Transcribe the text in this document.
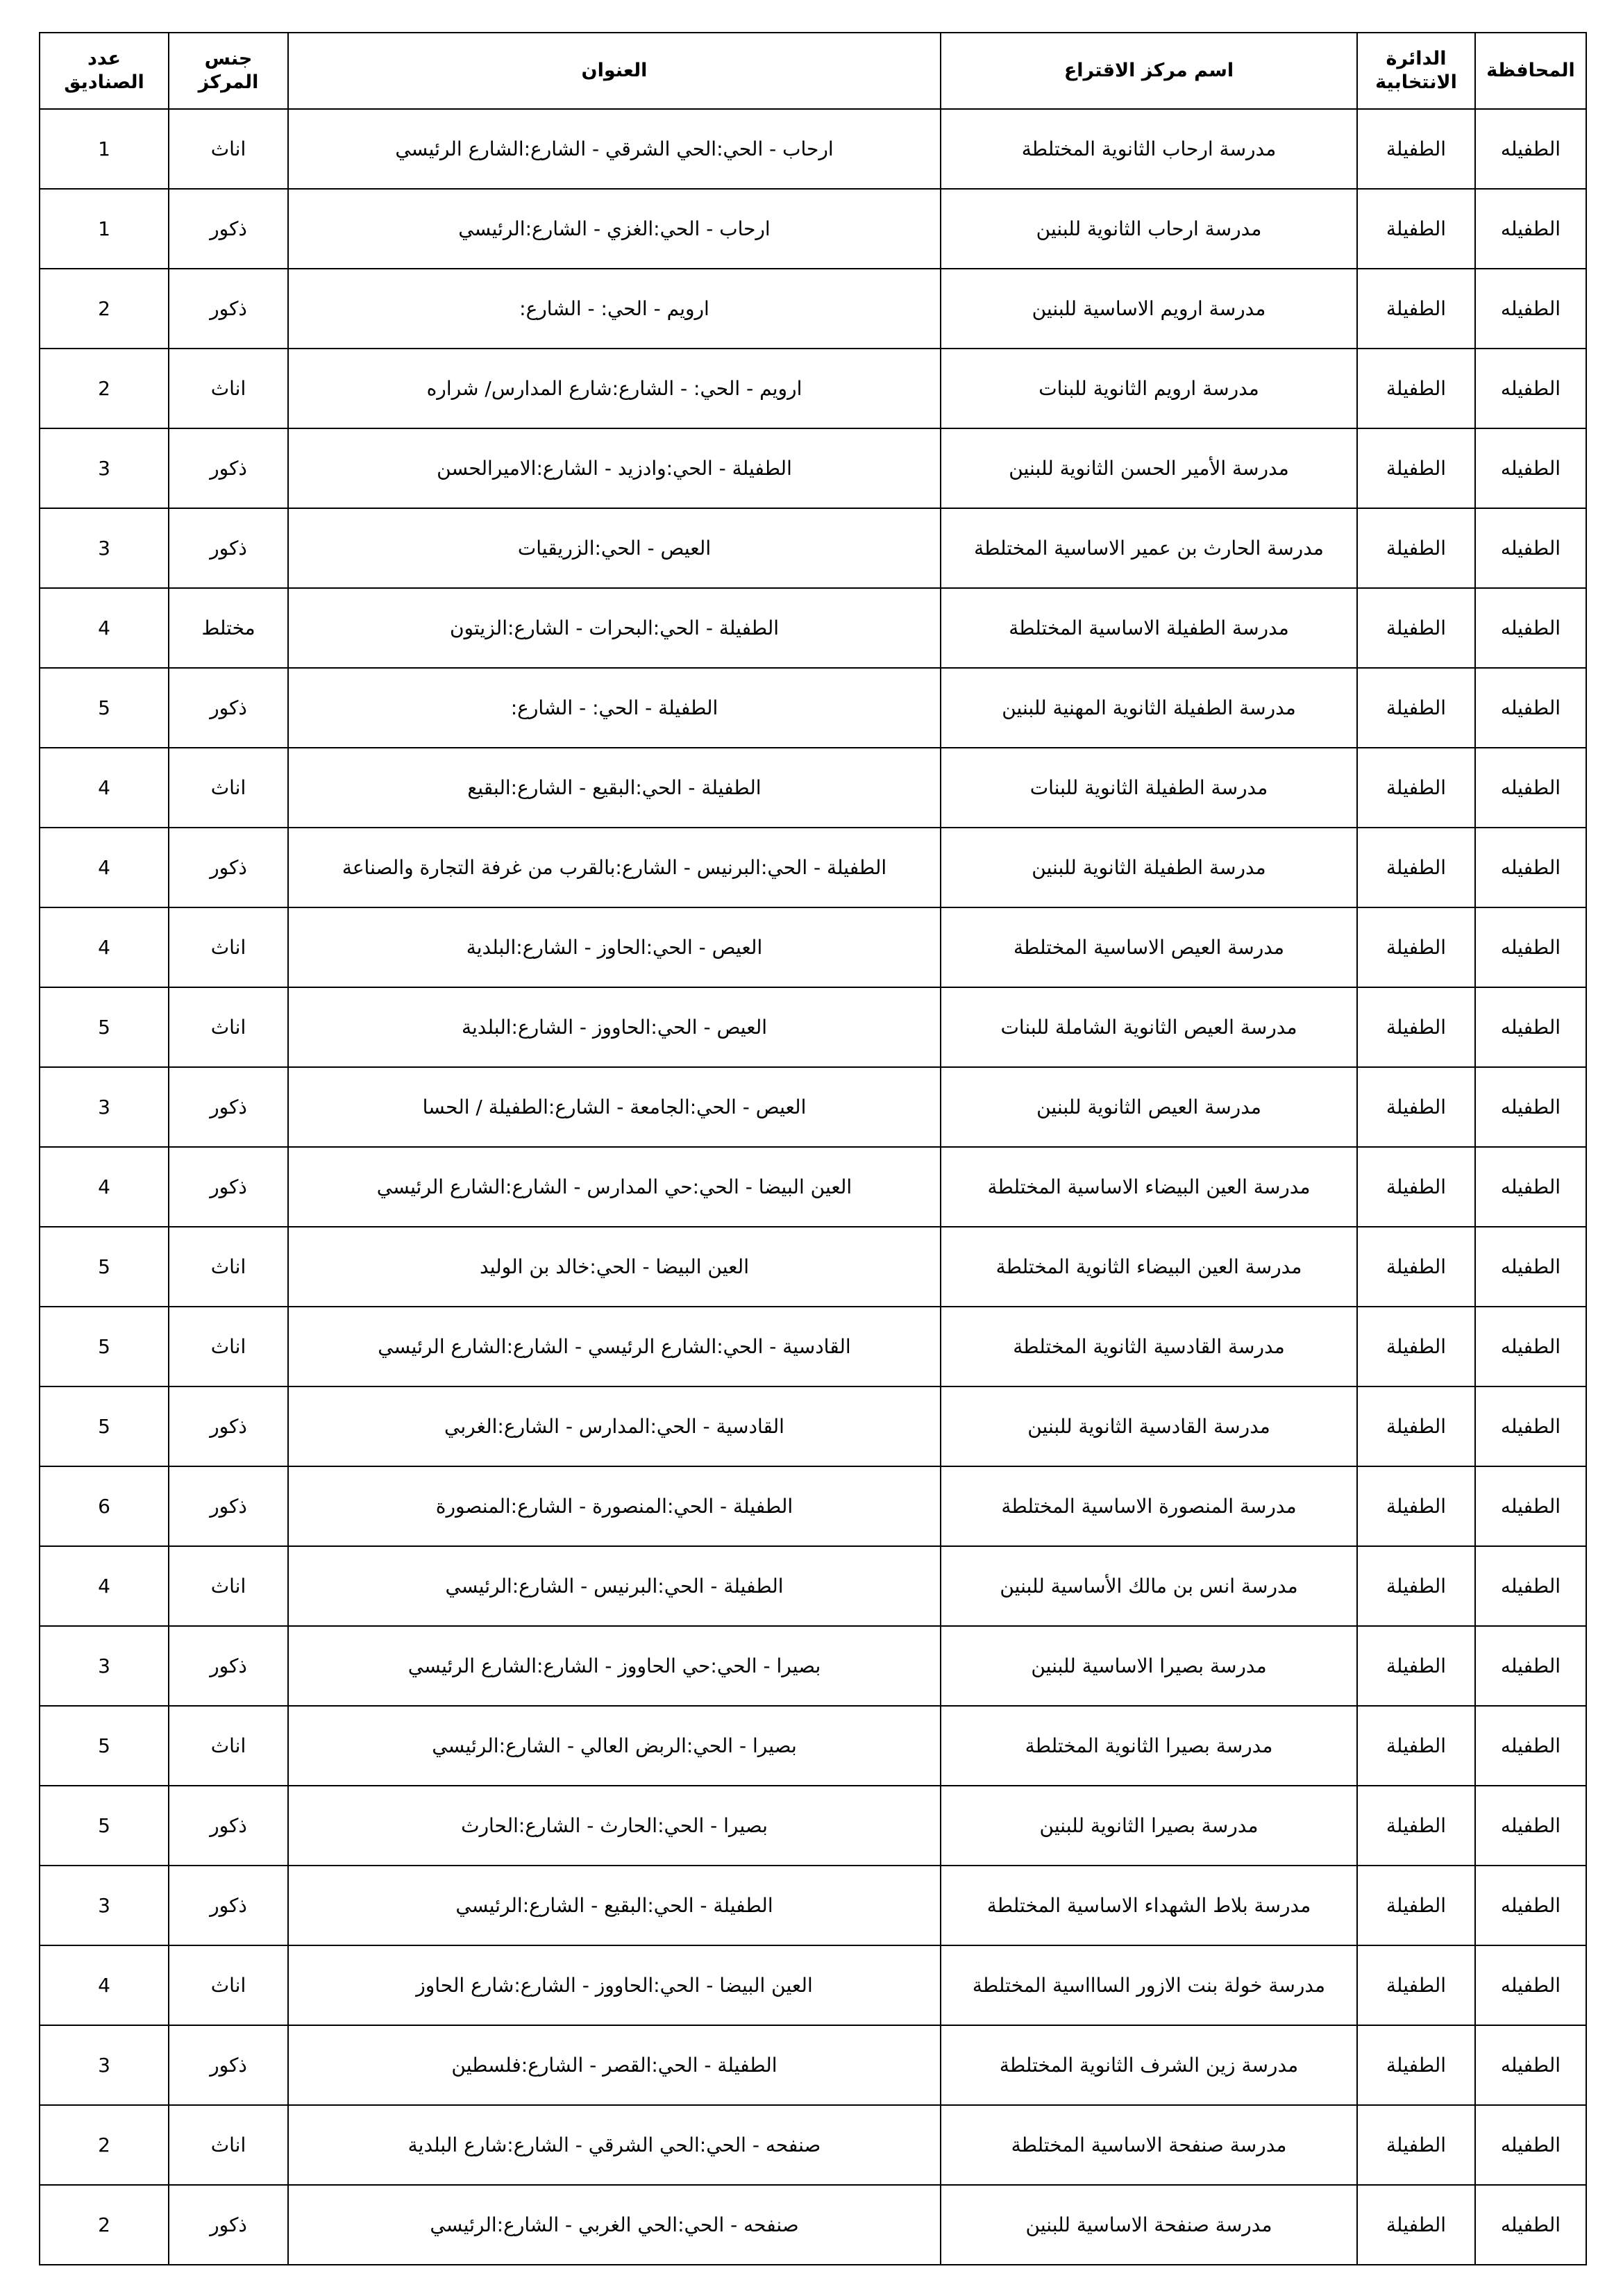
المحافظة	الدائرة الانتخابية	اسم مركز الاقتراع	العنوان	جنس المركز	عدد الصناديق
الطفيله	الطفيلة	مدرسة ارحاب الثانوية المختلطة	ارحاب - الحي:الحي الشرقي - الشارع:الشارع الرئيسي	اناث	1
الطفيله	الطفيلة	مدرسة ارحاب الثانوية للبنين	ارحاب - الحي:الغزي - الشارع:الرئيسي	ذكور	1
الطفيله	الطفيلة	مدرسة ارويم الاساسية للبنين	ارويم - الحي: - الشارع:	ذكور	2
الطفيله	الطفيلة	مدرسة ارويم الثانوية للبنات	ارويم - الحي: - الشارع:شارع المدارس/ شراره	اناث	2
الطفيله	الطفيلة	مدرسة الأمير الحسن الثانوية للبنين	الطفيلة - الحي:وادزيد - الشارع:الاميرالحسن	ذكور	3
الطفيله	الطفيلة	مدرسة الحارث بن عمير الاساسية المختلطة	العيص - الحي:الزريقيات	ذكور	3
الطفيله	الطفيلة	مدرسة الطفيلة الاساسية المختلطة	الطفيلة - الحي:البحرات - الشارع:الزيتون	مختلط	4
الطفيله	الطفيلة	مدرسة الطفيلة الثانوية المهنية للبنين	الطفيلة - الحي: - الشارع:	ذكور	5
الطفيله	الطفيلة	مدرسة الطفيلة الثانوية للبنات	الطفيلة - الحي:البقيع - الشارع:البقيع	اناث	4
الطفيله	الطفيلة	مدرسة الطفيلة الثانوية للبنين	الطفيلة - الحي:البرنيس - الشارع:بالقرب من غرفة التجارة والصناعة	ذكور	4
الطفيله	الطفيلة	مدرسة العيص الاساسية المختلطة	العيص - الحي:الحاوز - الشارع:البلدية	اناث	4
الطفيله	الطفيلة	مدرسة العيص الثانوية الشاملة للبنات	العيص - الحي:الحاووز - الشارع:البلدية	اناث	5
الطفيله	الطفيلة	مدرسة العيص الثانوية للبنين	العيص - الحي:الجامعة - الشارع:الطفيلة / الحسا	ذكور	3
الطفيله	الطفيلة	مدرسة العين البيضاء الاساسية المختلطة	العين البيضا - الحي:حي المدارس - الشارع:الشارع الرئيسي	ذكور	4
الطفيله	الطفيلة	مدرسة العين البيضاء الثانوية المختلطة	العين البيضا - الحي:خالد بن الوليد	اناث	5
الطفيله	الطفيلة	مدرسة القادسية الثانوية المختلطة	القادسية - الحي:الشارع الرئيسي - الشارع:الشارع الرئيسي	اناث	5
الطفيله	الطفيلة	مدرسة القادسية الثانوية للبنين	القادسية - الحي:المدارس - الشارع:الغربي	ذكور	5
الطفيله	الطفيلة	مدرسة المنصورة الاساسية المختلطة	الطفيلة - الحي:المنصورة - الشارع:المنصورة	ذكور	6
الطفيله	الطفيلة	مدرسة انس بن مالك الأساسية للبنين	الطفيلة - الحي:البرنيس - الشارع:الرئيسي	اناث	4
الطفيله	الطفيلة	مدرسة بصيرا الاساسية للبنين	بصيرا - الحي:حي الحاووز - الشارع:الشارع الرئيسي	ذكور	3
الطفيله	الطفيلة	مدرسة بصيرا الثانوية المختلطة	بصيرا - الحي:الربض العالي - الشارع:الرئيسي	اناث	5
الطفيله	الطفيلة	مدرسة بصيرا الثانوية للبنين	بصيرا - الحي:الحارث - الشارع:الحارث	ذكور	5
الطفيله	الطفيلة	مدرسة بلاط الشهداء الاساسية المختلطة	الطفيلة - الحي:البقيع - الشارع:الرئيسي	ذكور	3
الطفيله	الطفيلة	مدرسة خولة بنت الازور الساااسية المختلطة	العين البيضا - الحي:الحاووز - الشارع:شارع الحاوز	اناث	4
الطفيله	الطفيلة	مدرسة زين الشرف الثانوية المختلطة	الطفيلة - الحي:القصر - الشارع:فلسطين	ذكور	3
الطفيله	الطفيلة	مدرسة صنفحة الاساسية المختلطة	صنفحه - الحي:الحي الشرقي - الشارع:شارع البلدية	اناث	2
الطفيله	الطفيلة	مدرسة صنفحة الاساسية للبنين	صنفحه - الحي:الحي الغربي - الشارع:الرئيسي	ذكور	2
